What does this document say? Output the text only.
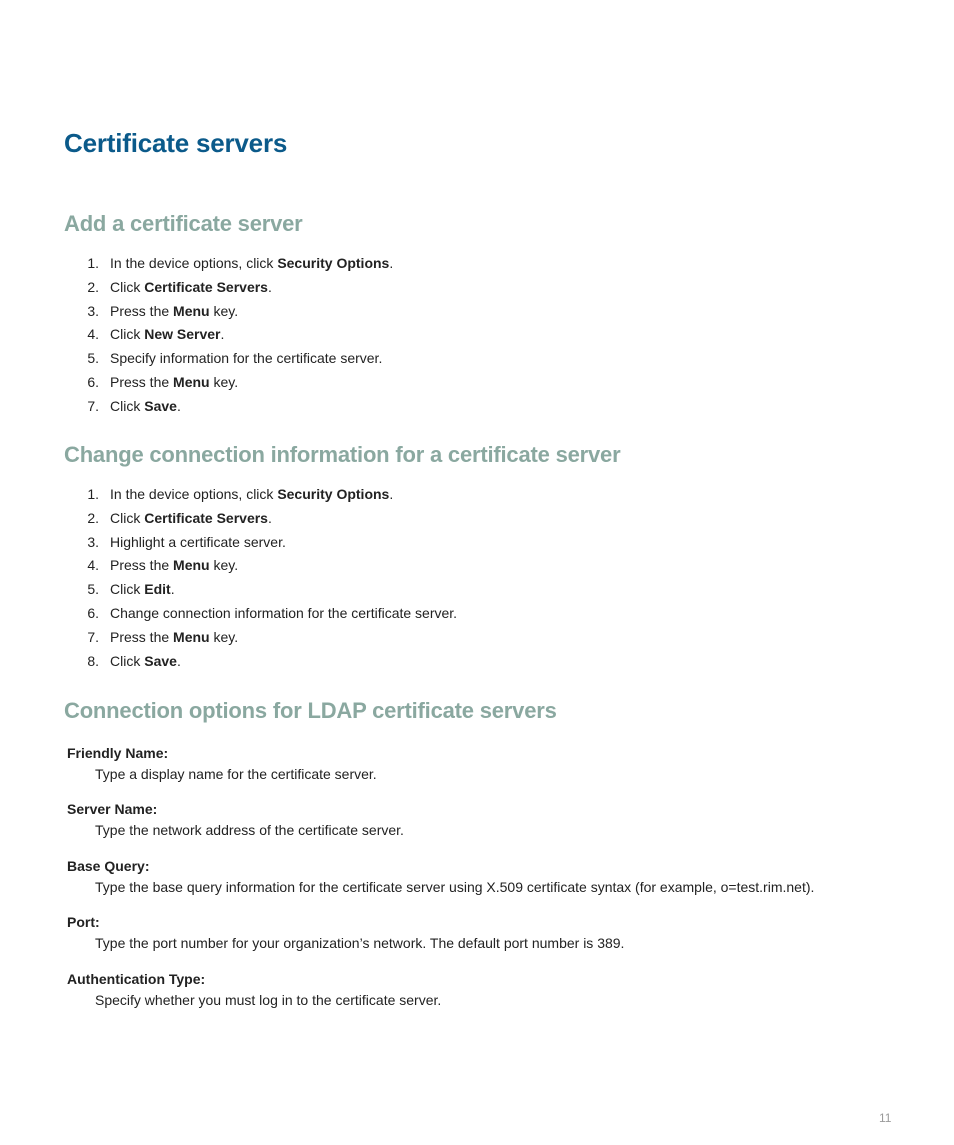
Certificate servers
Add a certificate server
1. In the device options, click Security Options.
2. Click Certificate Servers.
3. Press the Menu key.
4. Click New Server.
5. Specify information for the certificate server.
6. Press the Menu key.
7. Click Save.
Change connection information for a certificate server
1. In the device options, click Security Options.
2. Click Certificate Servers.
3. Highlight a certificate server.
4. Press the Menu key.
5. Click Edit.
6. Change connection information for the certificate server.
7. Press the Menu key.
8. Click Save.
Connection options for LDAP certificate servers
Friendly Name:
Type a display name for the certificate server.
Server Name:
Type the network address of the certificate server.
Base Query:
Type the base query information for the certificate server using X.509 certificate syntax (for example, o=test.rim.net).
Port:
Type the port number for your organization’s network. The default port number is 389.
Authentication Type:
Specify whether you must log in to the certificate server.
11
